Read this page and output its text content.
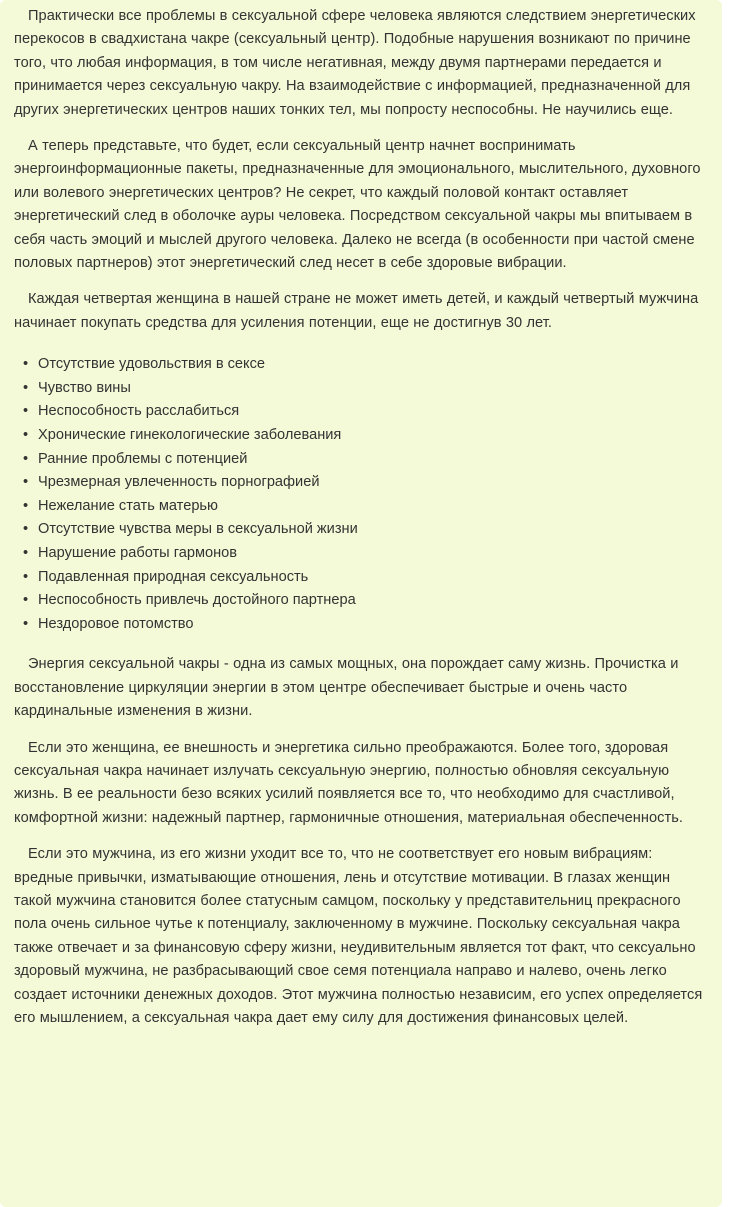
Практически все проблемы в сексуальной сфере человека являются следствием энергетических перекосов в свадхистана чакре (сексуальный центр). Подобные нарушения возникают по причине того, что любая информация, в том числе негативная, между двумя партнерами передается и принимается через сексуальную чакру. На взаимодействие с информацией, предназначенной для других энергетических центров наших тонких тел, мы попросту неспособны. Не научились еще.

А теперь представьте, что будет, если сексуальный центр начнет воспринимать энергоинформационные пакеты, предназначенные для эмоционального, мыслительного, духовного или волевого энергетических центров? Не секрет, что каждый половой контакт оставляет энергетический след в оболочке ауры человека. Посредством сексуальной чакры мы впитываем в себя часть эмоций и мыслей другого человека. Далеко не всегда (в особенности при частой смене половых партнеров) этот энергетический след несет в себе здоровые вибрации.

Каждая четвертая женщина в нашей стране не может иметь детей, и каждый четвертый мужчина начинает покупать средства для усиления потенции, еще не достигнув 30 лет.

• Отсутствие удовольствия в сексе
• Чувство вины
• Неспособность расслабиться
• Хронические гинекологические заболевания
• Ранние проблемы с потенцией
• Чрезмерная увлеченность порнографией
• Нежелание стать матерью
• Отсутствие чувства меры в сексуальной жизни
• Нарушение работы гармонов
• Подавленная природная сексуальность
• Неспособность привлечь достойного партнера
• Нездоровое потомство

Энергия сексуальной чакры - одна из самых мощных, она порождает саму жизнь. Прочистка и восстановление циркуляции энергии в этом центре обеспечивает быстрые и очень часто кардинальные изменения в жизни.

Если это женщина, ее внешность и энергетика сильно преображаются. Более того, здоровая сексуальная чакра начинает излучать сексуальную энергию, полностью обновляя сексуальную жизнь. В ее реальности безо всяких усилий появляется все то, что необходимо для счастливой, комфортной жизни: надежный партнер, гармоничные отношения, материальная обеспеченность.

Если это мужчина, из его жизни уходит все то, что не соответствует его новым вибрациям: вредные привычки, изматывающие отношения, лень и отсутствие мотивации. В глазах женщин такой мужчина становится более статусным самцом, поскольку у представительниц прекрасного пола очень сильное чутье к потенциалу, заключенному в мужчине. Поскольку сексуальная чакра также отвечает и за финансовую сферу жизни, неудивительным является тот факт, что сексуально здоровый мужчина, не разбрасывающий свое семя потенциала направо и налево, очень легко создает источники денежных доходов. Этот мужчина полностью независим, его успех определяется его мышлением, а сексуальная чакра дает ему силу для достижения финансовых целей.
